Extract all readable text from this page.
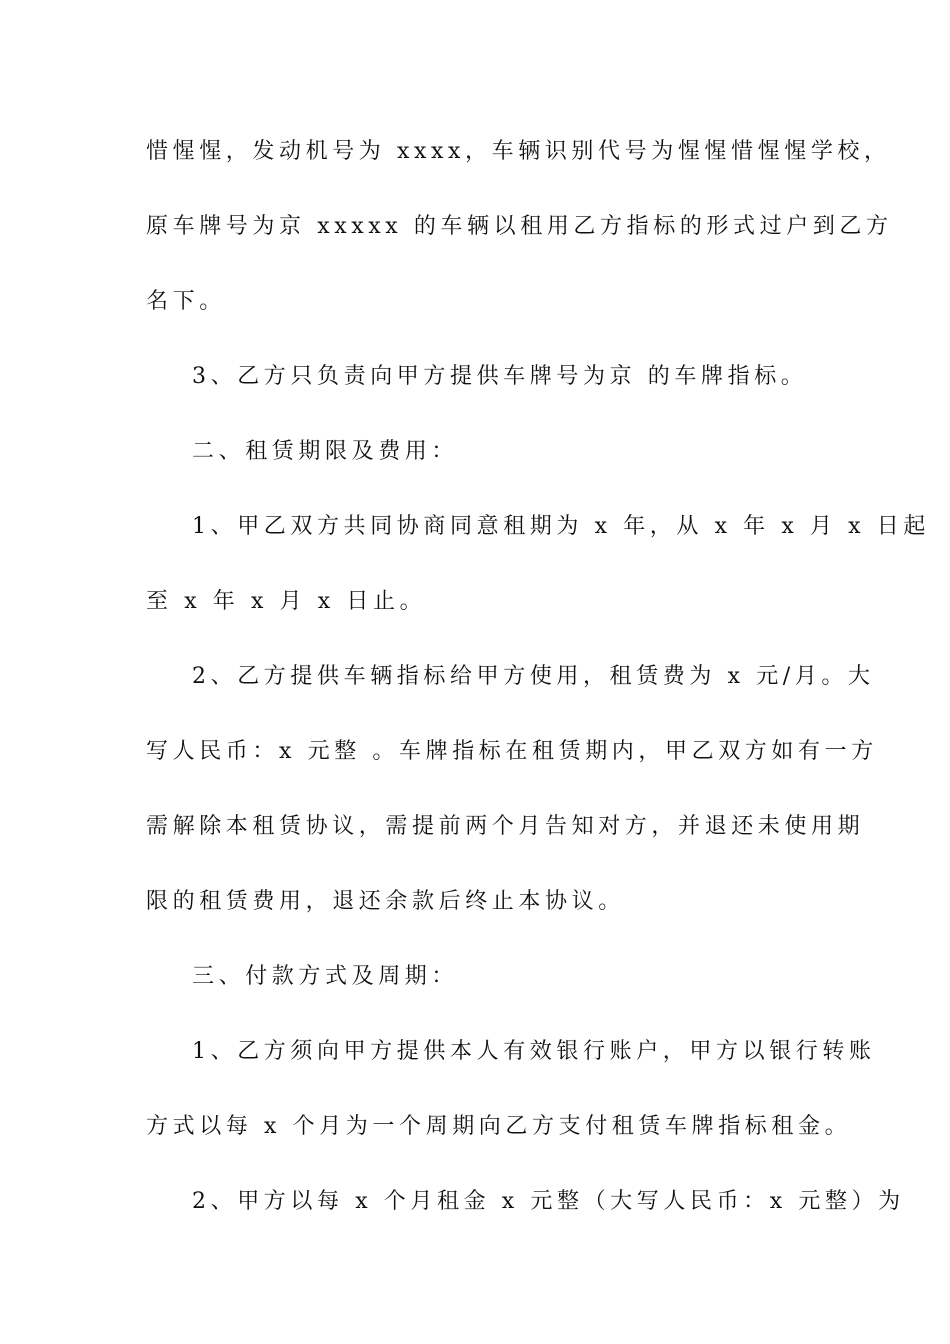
惜惺惺，发动机号为 xxxx，车辆识别代号为惺惺惜惺惺学校，
原车牌号为京 xxxxx 的车辆以租用乙方指标的形式过户到乙方
名下。
3、乙方只负责向甲方提供车牌号为京 的车牌指标。
二、租赁期限及费用：
1、甲乙双方共同协商同意租期为 x 年，从 x 年 x 月 x 日起
至 x 年 x 月 x 日止。
2、乙方提供车辆指标给甲方使用，租赁费为 x 元/月。大
写人民币：x 元整 。车牌指标在租赁期内，甲乙双方如有一方
需解除本租赁协议，需提前两个月告知对方，并退还未使用期
限的租赁费用，退还余款后终止本协议。
三、付款方式及周期：
1、乙方须向甲方提供本人有效银行账户，甲方以银行转账
方式以每 x 个月为一个周期向乙方支付租赁车牌指标租金。
2、甲方以每 x 个月租金 x 元整（大写人民币：x 元整）为
